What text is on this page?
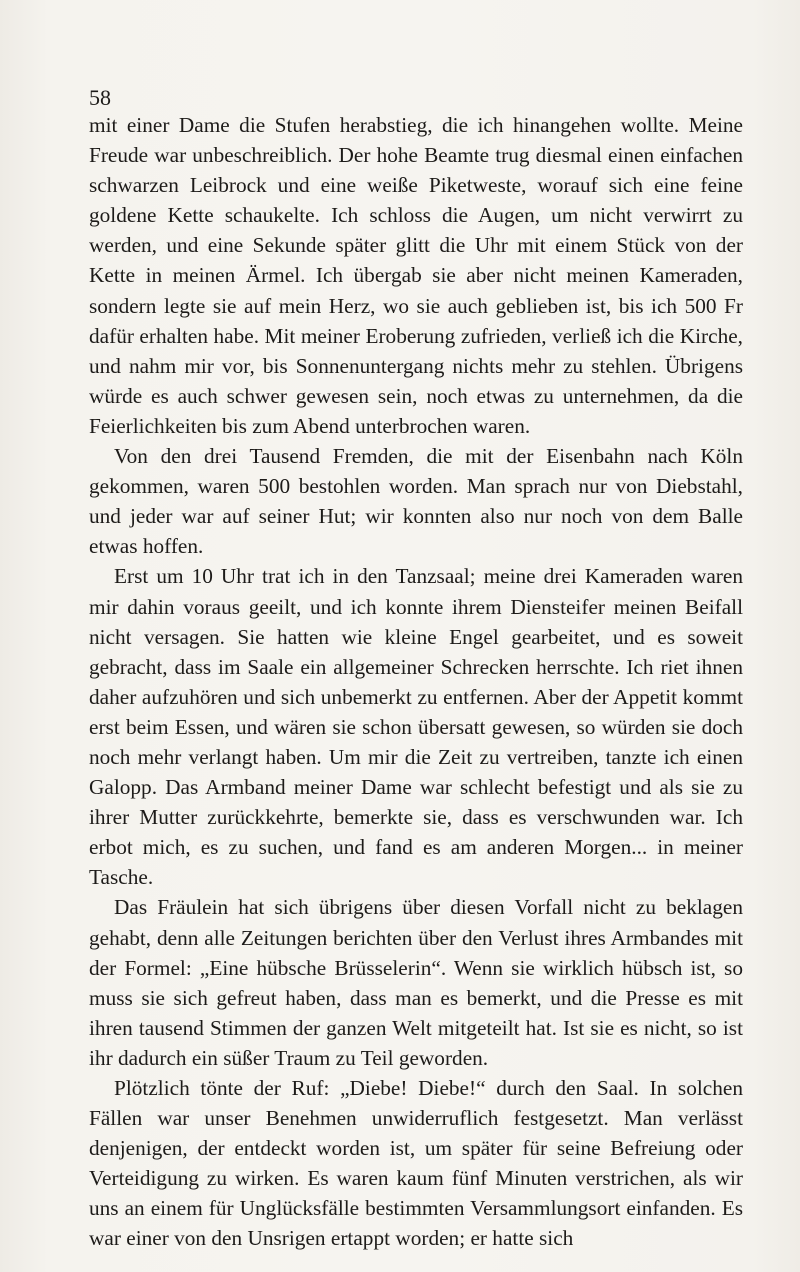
58

mit einer Dame die Stufen herabstieg, die ich hinangehen wollte. Meine Freude war unbeschreiblich. Der hohe Beamte trug diesmal einen einfachen schwarzen Leibrock und eine weiße Piketweste, worauf sich eine feine goldene Kette schaukelte. Ich schloss die Augen, um nicht verwirrt zu werden, und eine Sekunde später glitt die Uhr mit einem Stück von der Kette in meinen Ärmel. Ich übergab sie aber nicht meinen Kameraden, sondern legte sie auf mein Herz, wo sie auch geblieben ist, bis ich 500 Fr dafür erhalten habe. Mit meiner Eroberung zufrieden, verließ ich die Kirche, und nahm mir vor, bis Sonnenuntergang nichts mehr zu stehlen. Übrigens würde es auch schwer gewesen sein, noch etwas zu unternehmen, da die Feierlichkeiten bis zum Abend unterbrochen waren.

Von den drei Tausend Fremden, die mit der Eisenbahn nach Köln gekommen, waren 500 bestohlen worden. Man sprach nur von Diebstahl, und jeder war auf seiner Hut; wir konnten also nur noch von dem Balle etwas hoffen.

Erst um 10 Uhr trat ich in den Tanzsaal; meine drei Kameraden waren mir dahin voraus geeilt, und ich konnte ihrem Diensteifer meinen Beifall nicht versagen. Sie hatten wie kleine Engel gearbeitet, und es soweit gebracht, dass im Saale ein allgemeiner Schrecken herrschte. Ich riet ihnen daher aufzuhören und sich unbemerkt zu entfernen. Aber der Appetit kommt erst beim Essen, und wären sie schon übersatt gewesen, so würden sie doch noch mehr verlangt haben. Um mir die Zeit zu vertreiben, tanzte ich einen Galopp. Das Armband meiner Dame war schlecht befestigt und als sie zu ihrer Mutter zurückkehrte, bemerkte sie, dass es verschwunden war. Ich erbot mich, es zu suchen, und fand es am anderen Morgen... in meiner Tasche.

Das Fräulein hat sich übrigens über diesen Vorfall nicht zu beklagen gehabt, denn alle Zeitungen berichten über den Verlust ihres Armbandes mit der Formel: „Eine hübsche Brüsselerin“. Wenn sie wirklich hübsch ist, so muss sie sich gefreut haben, dass man es bemerkt, und die Presse es mit ihren tausend Stimmen der ganzen Welt mitgeteilt hat. Ist sie es nicht, so ist ihr dadurch ein süßer Traum zu Teil geworden.

Plötzlich tönte der Ruf: „Diebe! Diebe!“ durch den Saal. In solchen Fällen war unser Benehmen unwiderruflich festgesetzt. Man verlässt denjenigen, der entdeckt worden ist, um später für seine Befreiung oder Verteidigung zu wirken. Es waren kaum fünf Minuten verstrichen, als wir uns an einem für Unglücksfälle bestimmten Versammlungsort einfanden. Es war einer von den Unsrigen ertappt worden; er hatte sich
